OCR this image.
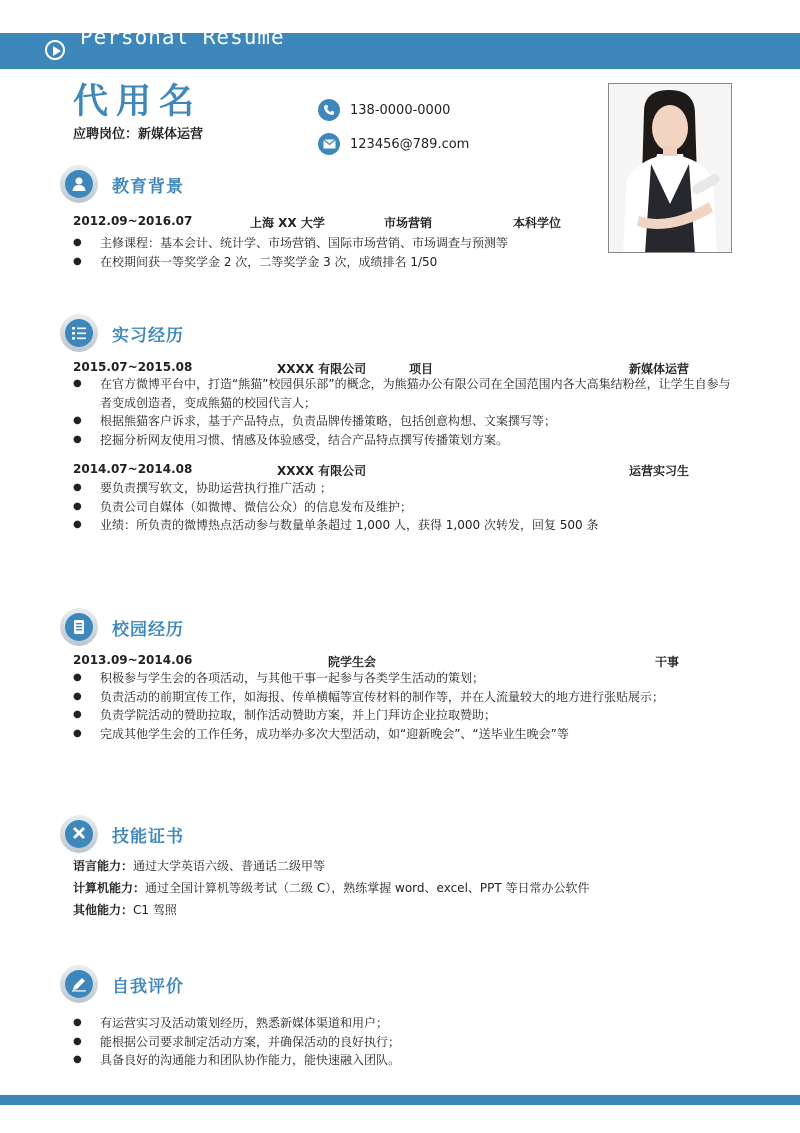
Personal Resume
代用名
应聘岗位：新媒体运营
138-0000-0000
123456@789.com
教育背景
2012.09~2016.07	上海 XX 大学	市场营销	本科学位
● 主修课程：基本会计、统计学、市场营销、国际市场营销、市场调查与预测等
● 在校期间获一等奖学金 2 次，二等奖学金 3 次，成绩排名 1/50
实习经历
2015.07~2015.08	XXXX 有限公司	项目	新媒体运营
● 在官方微博平台中，打造“熊猫”校园俱乐部”的概念，为熊猫办公有限公司在全国范围内各大高集结粉丝，让学生自参与者变成创造者，变成熊猫的校园代言人；
● 根据熊猫客户诉求，基于产品特点，负责品牌传播策略，包括创意构想、文案撰写等；
● 挖掘分析网友使用习惯、情感及体验感受，结合产品特点撰写传播策划方案。
2014.07~2014.08	XXXX 有限公司	运营实习生
● 要负责撰写软文，协助运营执行推广活动 ；
● 负责公司自媒体（如微博、微信公众）的信息发布及维护；
● 业绩：所负责的微博热点活动参与数量单条超过 1,000 人，获得 1,000 次转发，回复 500 条
校园经历
2013.09~2014.06	院学生会	干事
● 积极参与学生会的各项活动，与其他干事一起参与各类学生活动的策划；
● 负责活动的前期宣传工作，如海报、传单横幅等宣传材料的制作等，并在人流量较大的地方进行张贴展示；
● 负责学院活动的赞助拉取，制作活动赞助方案，并上门拜访企业拉取赞助；
● 完成其他学生会的工作任务，成功举办多次大型活动，如“迎新晚会”、“送毕业生晚会”等
技能证书
语言能力：通过大学英语六级、普通话二级甲等
计算机能力：通过全国计算机等级考试（二级 C），熟练掌握 word、excel、PPT 等日常办公软件
其他能力：C1 驾照
自我评价
● 有运营实习及活动策划经历，熟悉新媒体渠道和用户；
● 能根据公司要求制定活动方案，并确保活动的良好执行；
● 具备良好的沟通能力和团队协作能力，能快速融入团队。
